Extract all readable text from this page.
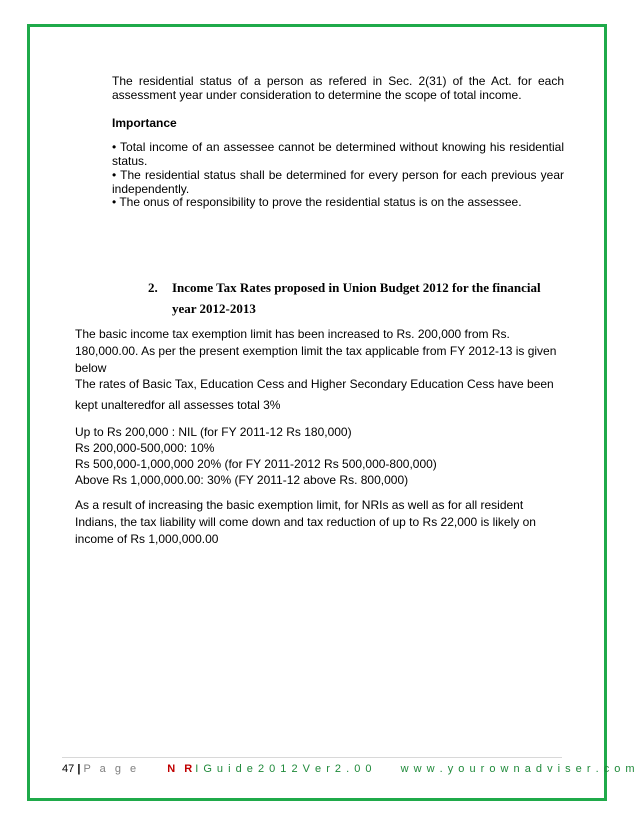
The residential status of a person as refered in Sec. 2(31) of the Act. for each assessment year under consideration to determine the scope of total income.
Importance
• Total income of an assessee cannot be determined without knowing his residential status.
• The residential status shall be determined for every person for each previous year independently.
• The onus of responsibility to prove the residential status is on the assessee.
2. Income Tax Rates proposed in Union Budget 2012 for the financial
year 2012-2013
The basic income tax exemption limit has been increased to Rs. 200,000 from Rs. 180,000.00. As per the present exemption limit the tax applicable from FY 2012-13 is given below
The rates of Basic Tax, Education Cess and Higher Secondary Education Cess have been kept unalteredfor all assesses total 3%
Up to Rs 200,000 : NIL (for FY 2011-12 Rs 180,000)
Rs 200,000-500,000: 10%
Rs 500,000-1,000,000 20% (for FY 2011-2012 Rs 500,000-800,000)
Above Rs 1,000,000.00: 30% (FY 2011-12 above Rs. 800,000)
As a result of increasing the basic exemption limit, for NRIs as well as for all resident Indians, the tax liability will come down and tax reduction of up to Rs 22,000 is likely on income of Rs 1,000,000.00
47 | P a g e	N RI G u i d e 2 0 1 2 V e r 2 . 0 0	w w w . y o u r o w n a d v i s e r . c o m
